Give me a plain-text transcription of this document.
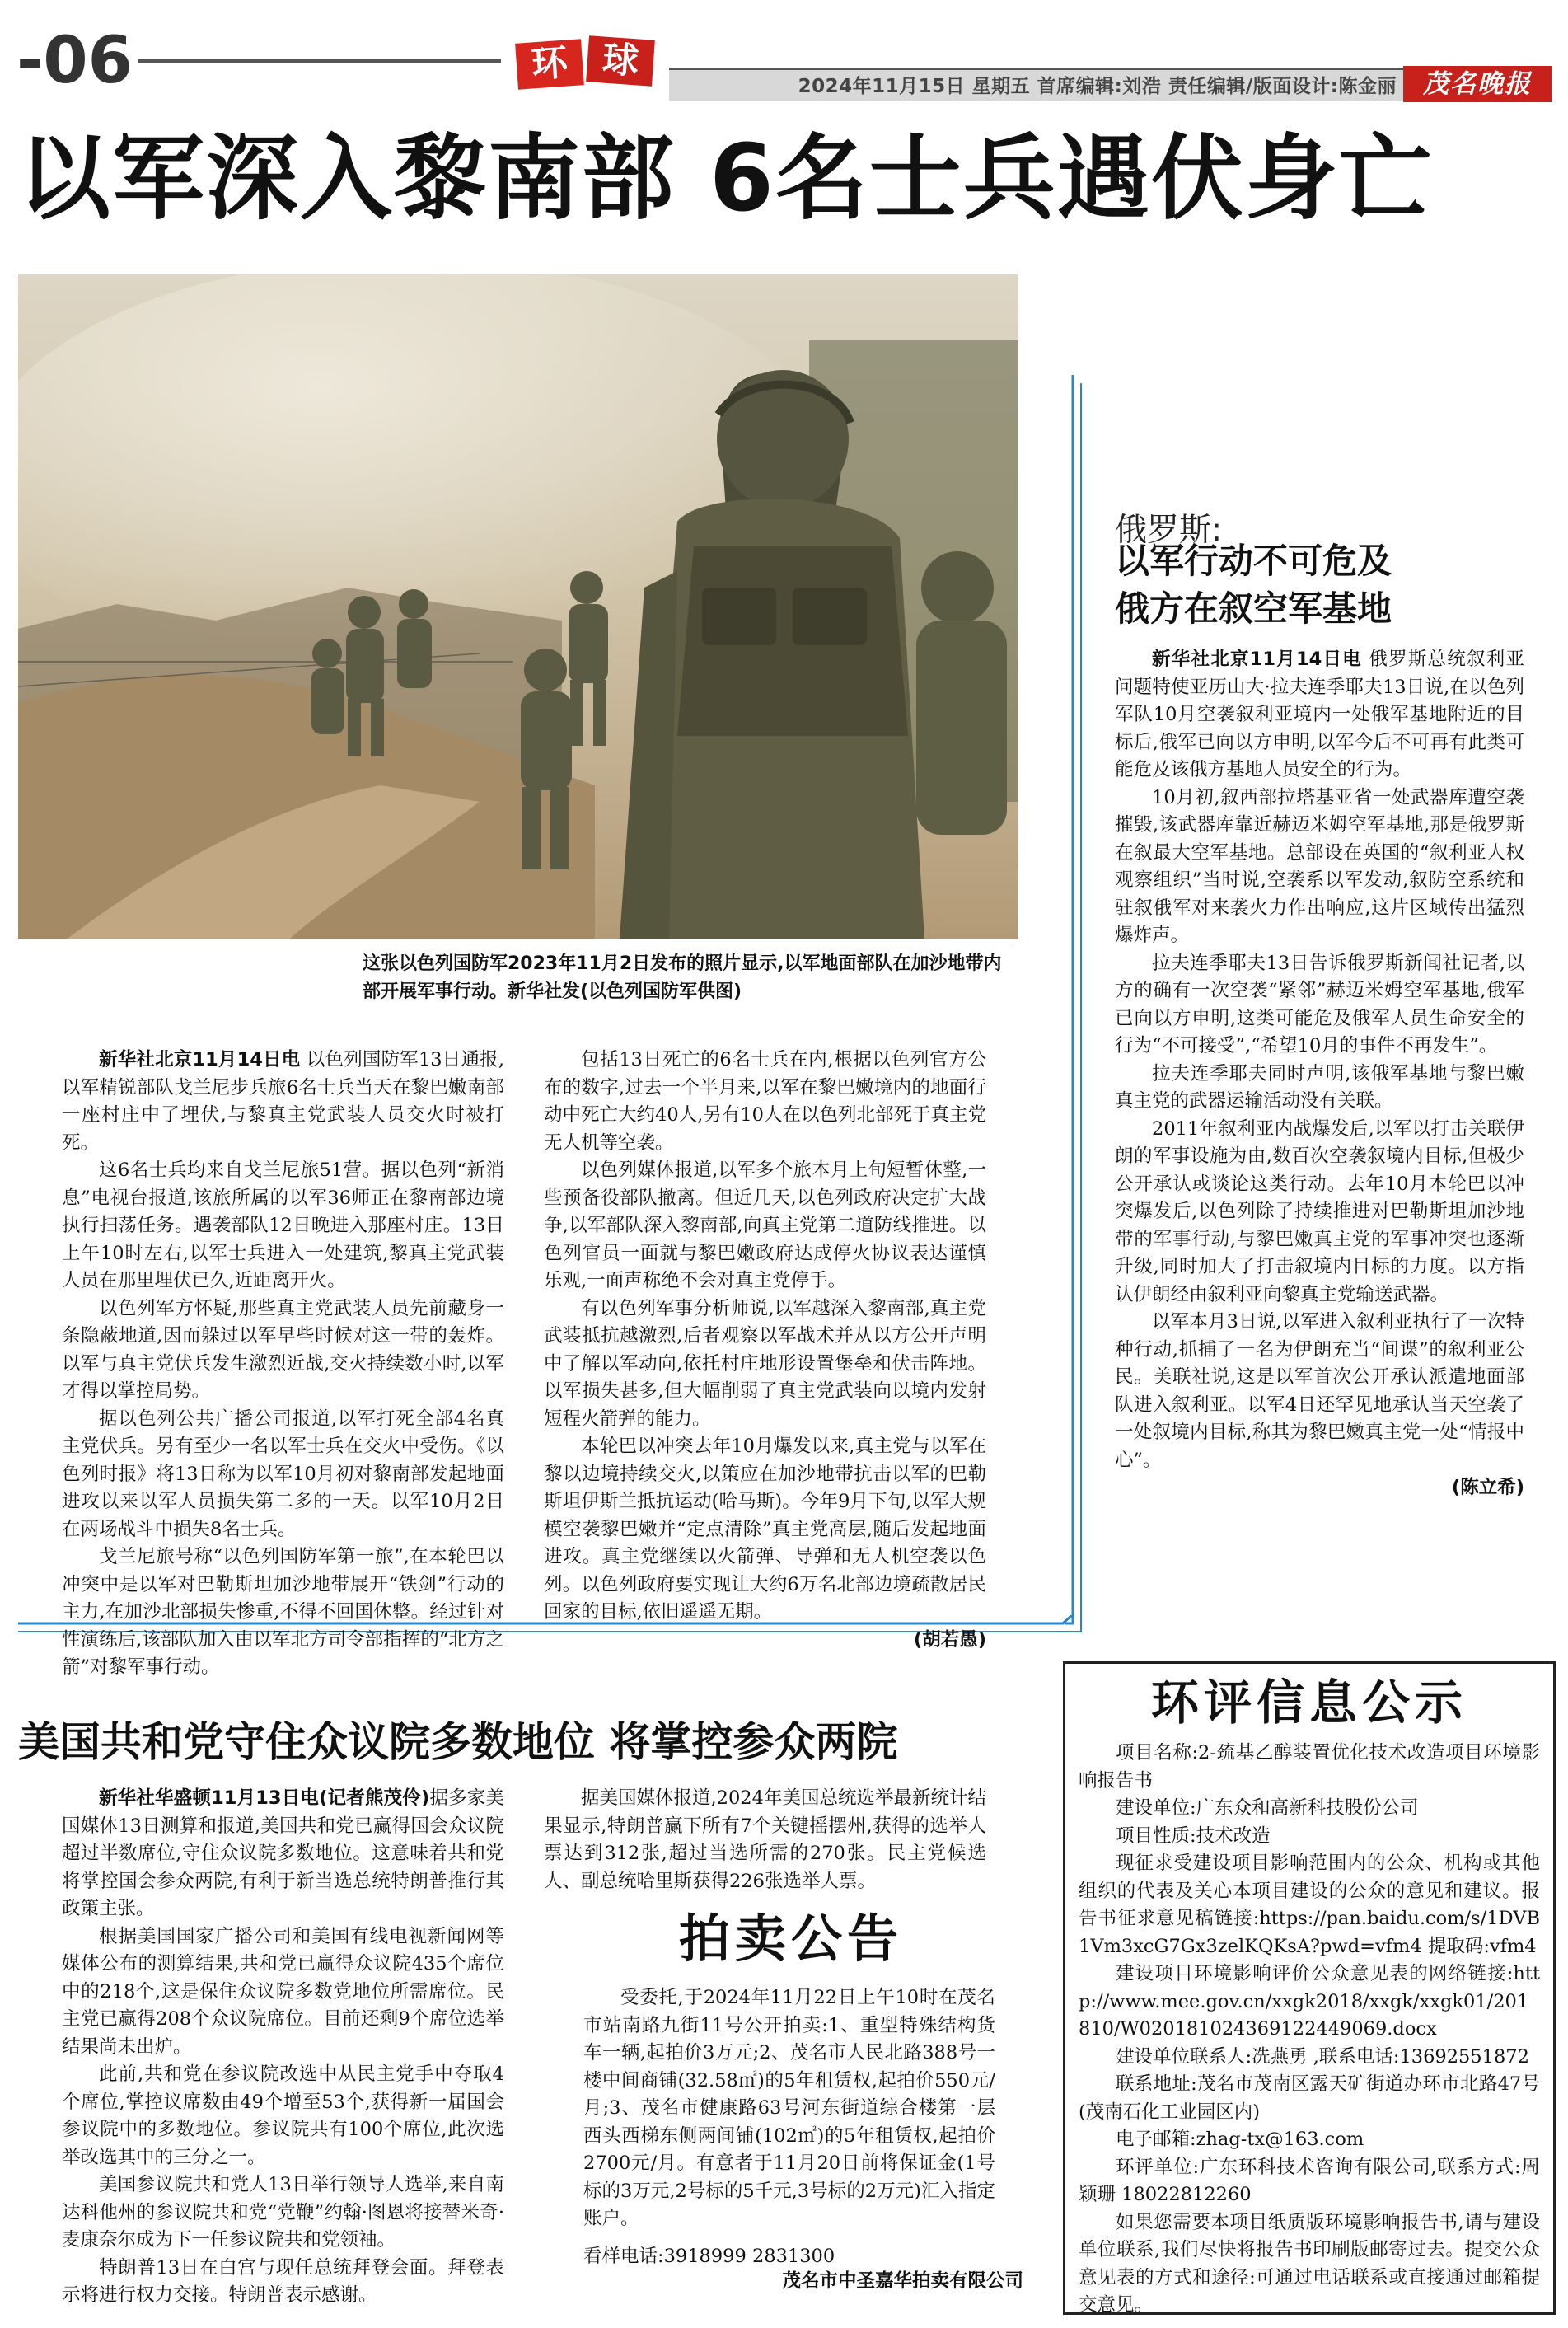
-06	环 球
2024年11月15日 星期五 首席编辑:刘浩 责任编辑/版面设计:陈金丽	茂名晚报
以军深入黎南部 6名士兵遇伏身亡
这张以色列国防军2023年11月2日发布的照片显示,以军地面部队在加沙地带内部开展军事行动。新华社发(以色列国防军供图)
俄罗斯:
以军行动不可危及
俄方在叙空军基地

新华社北京11月14日电 俄罗斯总统叙利亚问题特使亚历山大·拉夫连季耶夫13日说,在以色列军队10月空袭叙利亚境内一处俄军基地附近的目标后,俄军已向以方申明,以军今后不可再有此类可能危及该俄方基地人员安全的行为。

10月初,叙西部拉塔基亚省一处武器库遭空袭摧毁,该武器库靠近赫迈米姆空军基地,那是俄罗斯在叙最大空军基地。总部设在英国的“叙利亚人权观察组织”当时说,空袭系以军发动,叙防空系统和驻叙俄军对来袭火力作出响应,这片区域传出猛烈爆炸声。

拉夫连季耶夫13日告诉俄罗斯新闻社记者,以方的确有一次空袭“紧邻”赫迈米姆空军基地,俄军已向以方申明,这类可能危及俄军人员生命安全的行为“不可接受”,“希望10月的事件不再发生”。

拉夫连季耶夫同时声明,该俄军基地与黎巴嫩真主党的武器运输活动没有关联。

2011年叙利亚内战爆发后,以军以打击关联伊朗的军事设施为由,数百次空袭叙境内目标,但极少公开承认或谈论这类行动。去年10月本轮巴以冲突爆发后,以色列除了持续推进对巴勒斯坦加沙地带的军事行动,与黎巴嫩真主党的军事冲突也逐渐升级,同时加大了打击叙境内目标的力度。以方指认伊朗经由叙利亚向黎真主党输送武器。

以军本月3日说,以军进入叙利亚执行了一次特种行动,抓捕了一名为伊朗充当“间谍”的叙利亚公民。美联社说,这是以军首次公开承认派遣地面部队进入叙利亚。以军4日还罕见地承认当天空袭了一处叙境内目标,称其为黎巴嫩真主党一处“情报中心”。

(陈立希)

新华社北京11月14日电 以色列国防军13日通报,以军精锐部队戈兰尼步兵旅6名士兵当天在黎巴嫩南部一座村庄中了埋伏,与黎真主党武装人员交火时被打死。

这6名士兵均来自戈兰尼旅51营。据以色列“新消息”电视台报道,该旅所属的以军36师正在黎南部边境执行扫荡任务。遇袭部队12日晚进入那座村庄。13日上午10时左右,以军士兵进入一处建筑,黎真主党武装人员在那里埋伏已久,近距离开火。

以色列军方怀疑,那些真主党武装人员先前藏身一条隐蔽地道,因而躲过以军早些时候对这一带的轰炸。以军与真主党伏兵发生激烈近战,交火持续数小时,以军才得以掌控局势。

据以色列公共广播公司报道,以军打死全部4名真主党伏兵。另有至少一名以军士兵在交火中受伤。《以色列时报》将13日称为以军10月初对黎南部发起地面进攻以来以军人员损失第二多的一天。以军10月2日在两场战斗中损失8名士兵。

戈兰尼旅号称“以色列国防军第一旅”,在本轮巴以冲突中是以军对巴勒斯坦加沙地带展开“铁剑”行动的主力,在加沙北部损失惨重,不得不回国休整。经过针对性演练后,该部队加入由以军北方司令部指挥的“北方之箭”对黎军事行动。

包括13日死亡的6名士兵在内,根据以色列官方公布的数字,过去一个半月来,以军在黎巴嫩境内的地面行动中死亡大约40人,另有10人在以色列北部死于真主党无人机等空袭。

以色列媒体报道,以军多个旅本月上旬短暂休整,一些预备役部队撤离。但近几天,以色列政府决定扩大战争,以军部队深入黎南部,向真主党第二道防线推进。以色列官员一面就与黎巴嫩政府达成停火协议表达谨慎乐观,一面声称绝不会对真主党停手。

有以色列军事分析师说,以军越深入黎南部,真主党武装抵抗越激烈,后者观察以军战术并从以方公开声明中了解以军动向,依托村庄地形设置堡垒和伏击阵地。以军损失甚多,但大幅削弱了真主党武装向以境内发射短程火箭弹的能力。

本轮巴以冲突去年10月爆发以来,真主党与以军在黎以边境持续交火,以策应在加沙地带抗击以军的巴勒斯坦伊斯兰抵抗运动(哈马斯)。今年9月下旬,以军大规模空袭黎巴嫩并“定点清除”真主党高层,随后发起地面进攻。真主党继续以火箭弹、导弹和无人机空袭以色列。以色列政府要实现让大约6万名北部边境疏散居民回家的目标,依旧遥遥无期。

(胡若愚)

美国共和党守住众议院多数地位 将掌控参众两院

新华社华盛顿11月13日电(记者熊茂伶)据多家美国媒体13日测算和报道,美国共和党已赢得国会众议院超过半数席位,守住众议院多数地位。这意味着共和党将掌控国会参众两院,有利于新当选总统特朗普推行其政策主张。

根据美国国家广播公司和美国有线电视新闻网等媒体公布的测算结果,共和党已赢得众议院435个席位中的218个,这是保住众议院多数党地位所需席位。民主党已赢得208个众议院席位。目前还剩9个席位选举结果尚未出炉。

此前,共和党在参议院改选中从民主党手中夺取4个席位,掌控议席数由49个增至53个,获得新一届国会参议院中的多数地位。参议院共有100个席位,此次选举改选其中的三分之一。

美国参议院共和党人13日举行领导人选举,来自南达科他州的参议院共和党“党鞭”约翰·图恩将接替米奇·麦康奈尔成为下一任参议院共和党领袖。

特朗普13日在白宫与现任总统拜登会面。拜登表示将进行权力交接。特朗普表示感谢。

据美国媒体报道,2024年美国总统选举最新统计结果显示,特朗普赢下所有7个关键摇摆州,获得的选举人票达到312张,超过当选所需的270张。民主党候选人、副总统哈里斯获得226张选举人票。

拍卖公告

受委托,于2024年11月22日上午10时在茂名市站南路九街11号公开拍卖:1、重型特殊结构货车一辆,起拍价3万元;2、茂名市人民北路388号一楼中间商铺(32.58㎡)的5年租赁权,起拍价550元/月;3、茂名市健康路63号河东街道综合楼第一层西头西梯东侧两间铺(102㎡)的5年租赁权,起拍价2700元/月。有意者于11月20日前将保证金(1号标的3万元,2号标的5千元,3号标的2万元)汇入指定账户。

看样电话:3918999 2831300
茂名市中圣嘉华拍卖有限公司
环评信息公示

项目名称:2-巯基乙醇装置优化技术改造项目环境影响报告书

建设单位:广东众和高新科技股份公司

项目性质:技术改造

现征求受建设项目影响范围内的公众、机构或其他组织的代表及关心本项目建设的公众的意见和建议。报告书征求意见稿链接:https://pan.baidu.com/s/1DVB1Vm3xcG7Gx3zelKQKsA?pwd=vfm4 提取码:vfm4

建设项目环境影响评价公众意见表的网络链接:http://www.mee.gov.cn/xxgk2018/xxgk/xxgk01/201810/W020181024369122449069.docx

建设单位联系人:冼燕勇 ,联系电话:13692551872

联系地址:茂名市茂南区露天矿街道办环市北路47号(茂南石化工业园区内)

电子邮箱:zhag-tx@163.com

环评单位:广东环科技术咨询有限公司,联系方式:周颖珊 18022812260

如果您需要本项目纸质版环境影响报告书,请与建设单位联系,我们尽快将报告书印刷版邮寄过去。提交公众意见表的方式和途径:可通过电话联系或直接通过邮箱提交意见。
